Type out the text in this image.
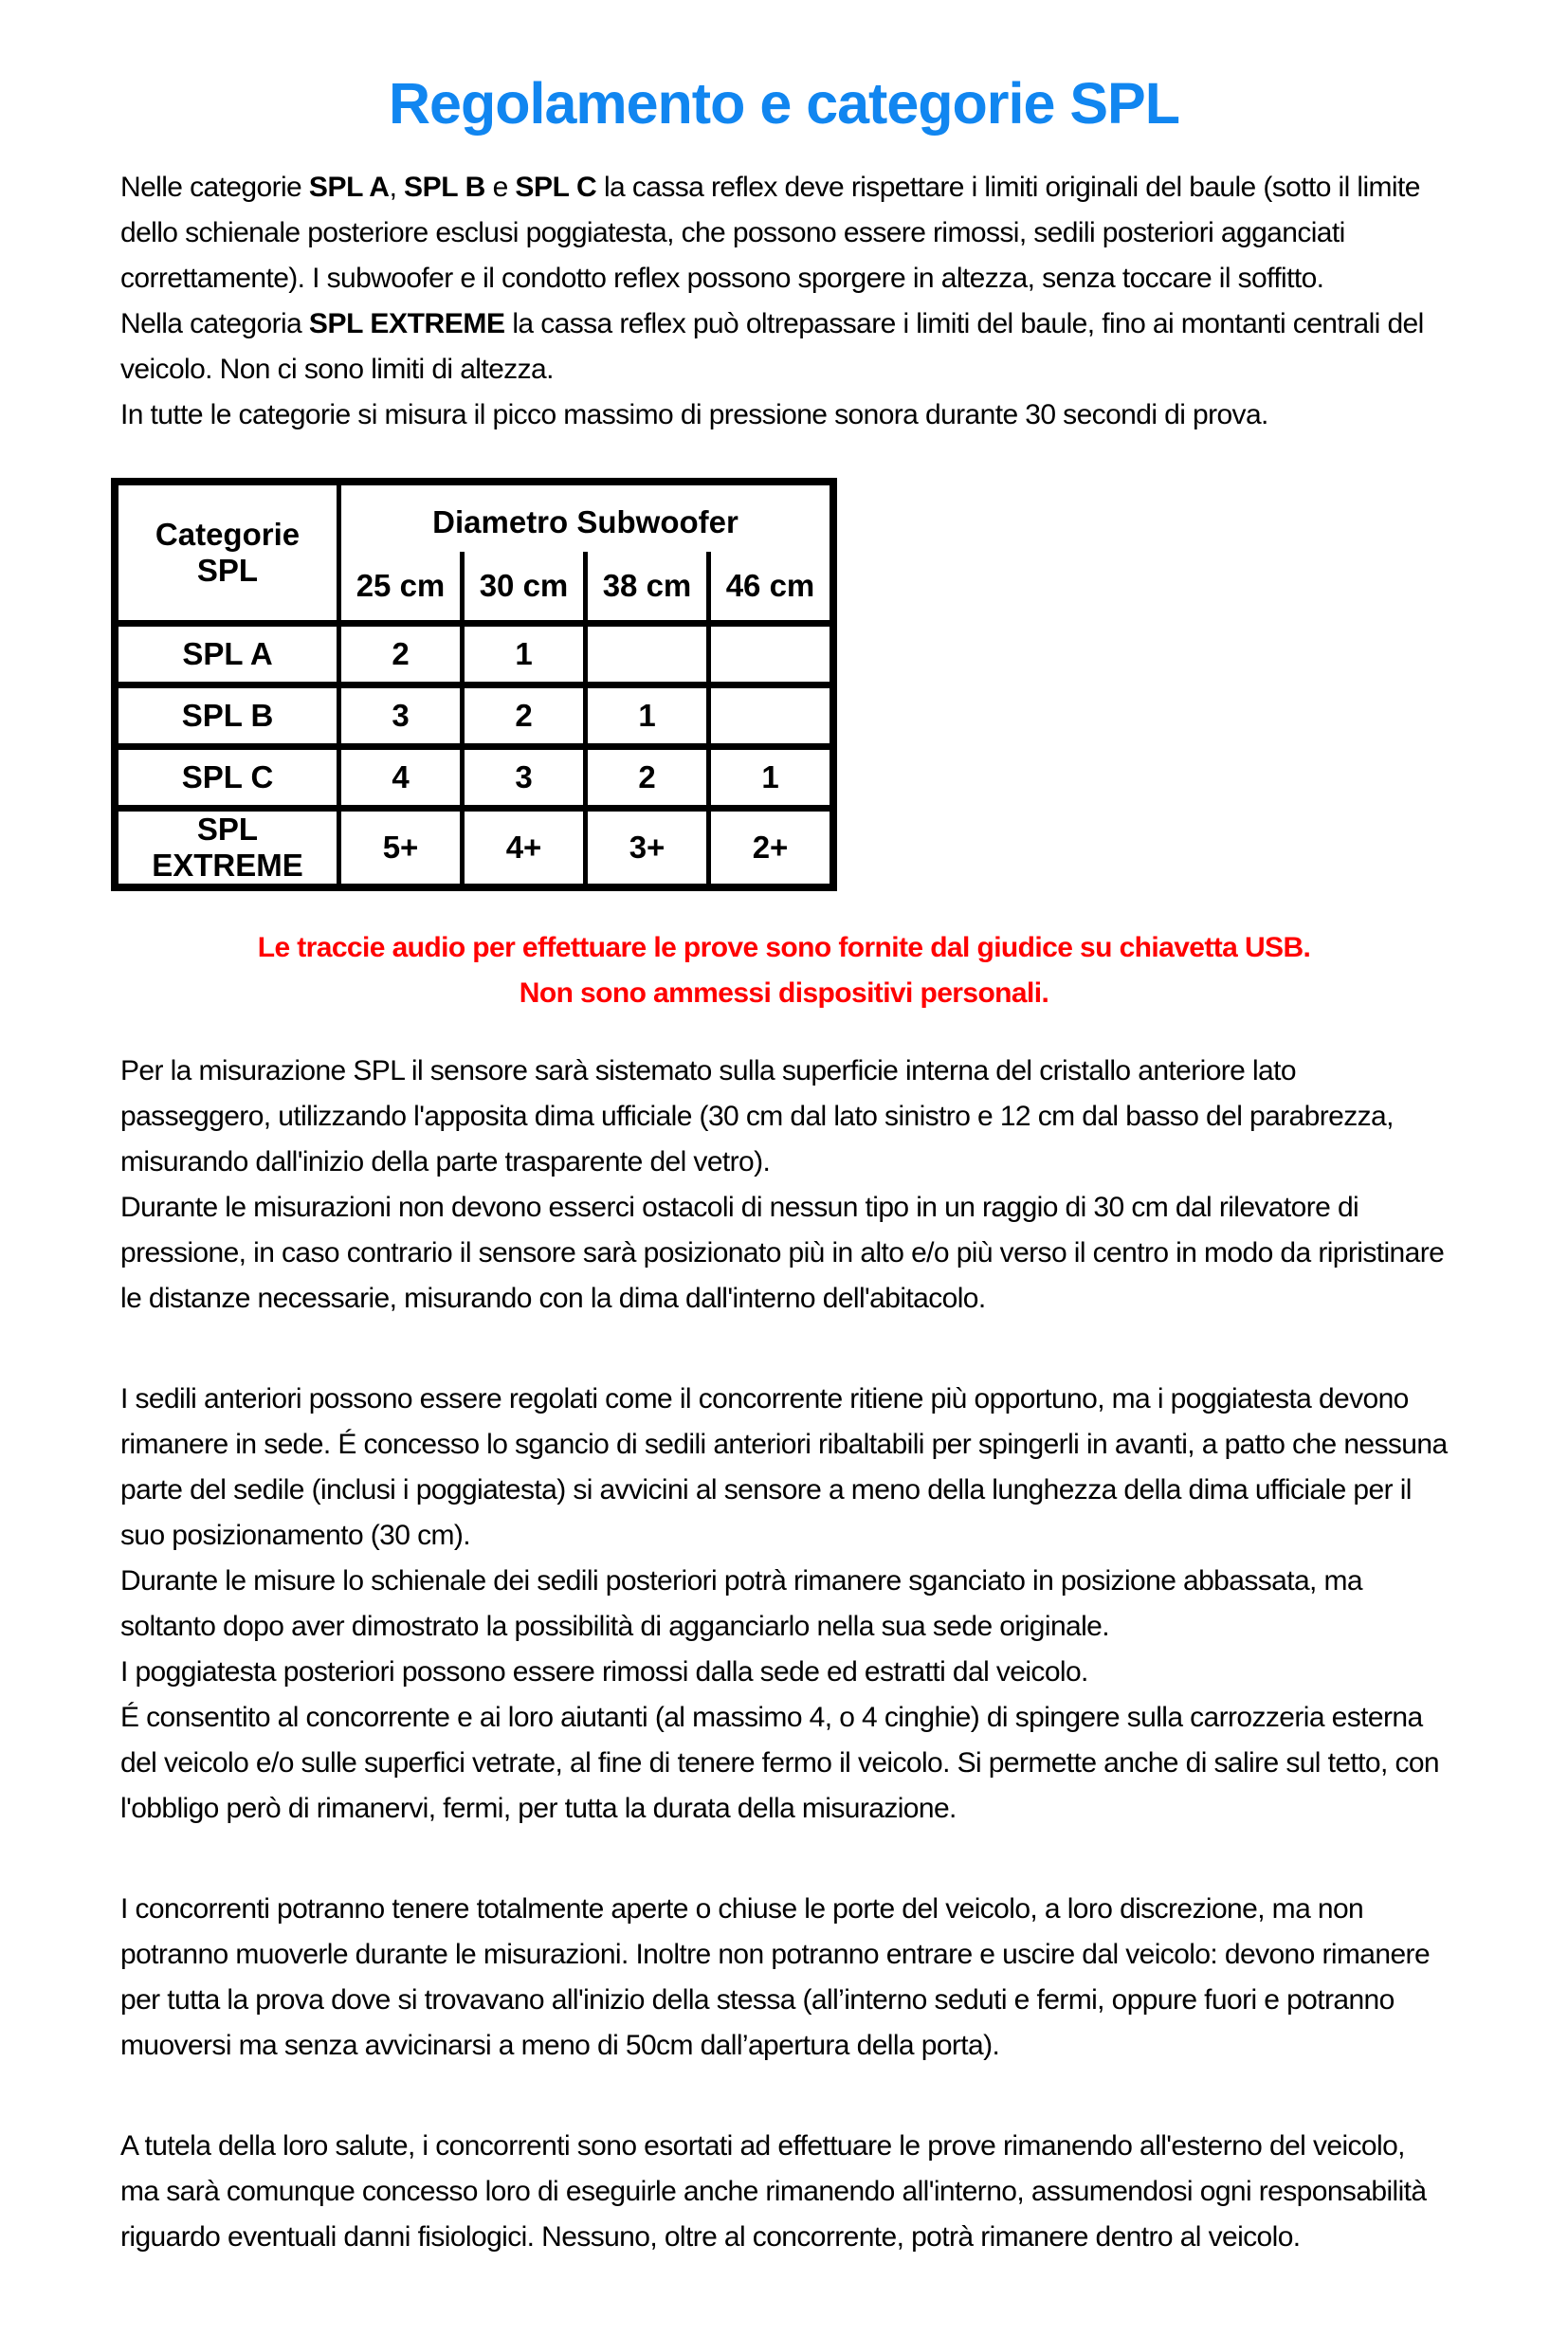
Regolamento e categorie SPL

Nelle categorie SPL A, SPL B e SPL C la cassa reflex deve rispettare i limiti originali del baule (sotto il limite dello schienale posteriore esclusi poggiatesta, che possono essere rimossi, sedili posteriori agganciati correttamente). I subwoofer e il condotto reflex possono sporgere in altezza, senza toccare il soffitto.

Nella categoria SPL EXTREME la cassa reflex può oltrepassare i limiti del baule, fino ai montanti centrali del veicolo. Non ci sono limiti di altezza.

In tutte le categorie si misura il picco massimo di pressione sonora durante 30 secondi di prova.

Categorie SPL	Diametro Subwoofer			
	25 cm	30 cm	38 cm	46 cm
SPL A	2	1		
SPL B	3	2	1	
SPL C	4	3	2	1
SPL EXTREME	5+	4+	3+	2+

Le traccie audio per effettuare le prove sono fornite dal giudice su chiavetta USB.

Non sono ammessi dispositivi personali.

Per la misurazione SPL il sensore sarà sistemato sulla superficie interna del cristallo anteriore lato passeggero, utilizzando l'apposita dima ufficiale (30 cm dal lato sinistro e 12 cm dal basso del parabrezza, misurando dall'inizio della parte trasparente del vetro).

Durante le misurazioni non devono esserci ostacoli di nessun tipo in un raggio di 30 cm dal rilevatore di pressione, in caso contrario il sensore sarà posizionato più in alto e/o più verso il centro in modo da ripristinare le distanze necessarie, misurando con la dima dall'interno dell'abitacolo.

I sedili anteriori possono essere regolati come il concorrente ritiene più opportuno, ma i poggiatesta devono rimanere in sede. É concesso lo sgancio di sedili anteriori ribaltabili per spingerli in avanti, a patto che nessuna parte del sedile (inclusi i poggiatesta) si avvicini al sensore a meno della lunghezza della dima ufficiale per il suo posizionamento (30 cm).

Durante le misure lo schienale dei sedili posteriori potrà rimanere sganciato in posizione abbassata, ma soltanto dopo aver dimostrato la possibilità di agganciarlo nella sua sede originale.

I poggiatesta posteriori possono essere rimossi dalla sede ed estratti dal veicolo.

É consentito al concorrente e ai loro aiutanti (al massimo 4, o 4 cinghie) di spingere sulla carrozzeria esterna del veicolo e/o sulle superfici vetrate, al fine di tenere fermo il veicolo. Si permette anche di salire sul tetto, con l'obbligo però di rimanervi, fermi, per tutta la durata della misurazione.

I concorrenti potranno tenere totalmente aperte o chiuse le porte del veicolo, a loro discrezione, ma non potranno muoverle durante le misurazioni. Inoltre non potranno entrare e uscire dal veicolo: devono rimanere per tutta la prova dove si trovavano all'inizio della stessa (all’interno seduti e fermi, oppure fuori e potranno muoversi ma senza avvicinarsi a meno di 50cm dall’apertura della porta).

A tutela della loro salute, i concorrenti sono esortati ad effettuare le prove rimanendo all'esterno del veicolo, ma sarà comunque concesso loro di eseguirle anche rimanendo all'interno, assumendosi ogni responsabilità riguardo eventuali danni fisiologici. Nessuno, oltre al concorrente, potrà rimanere dentro al veicolo.
